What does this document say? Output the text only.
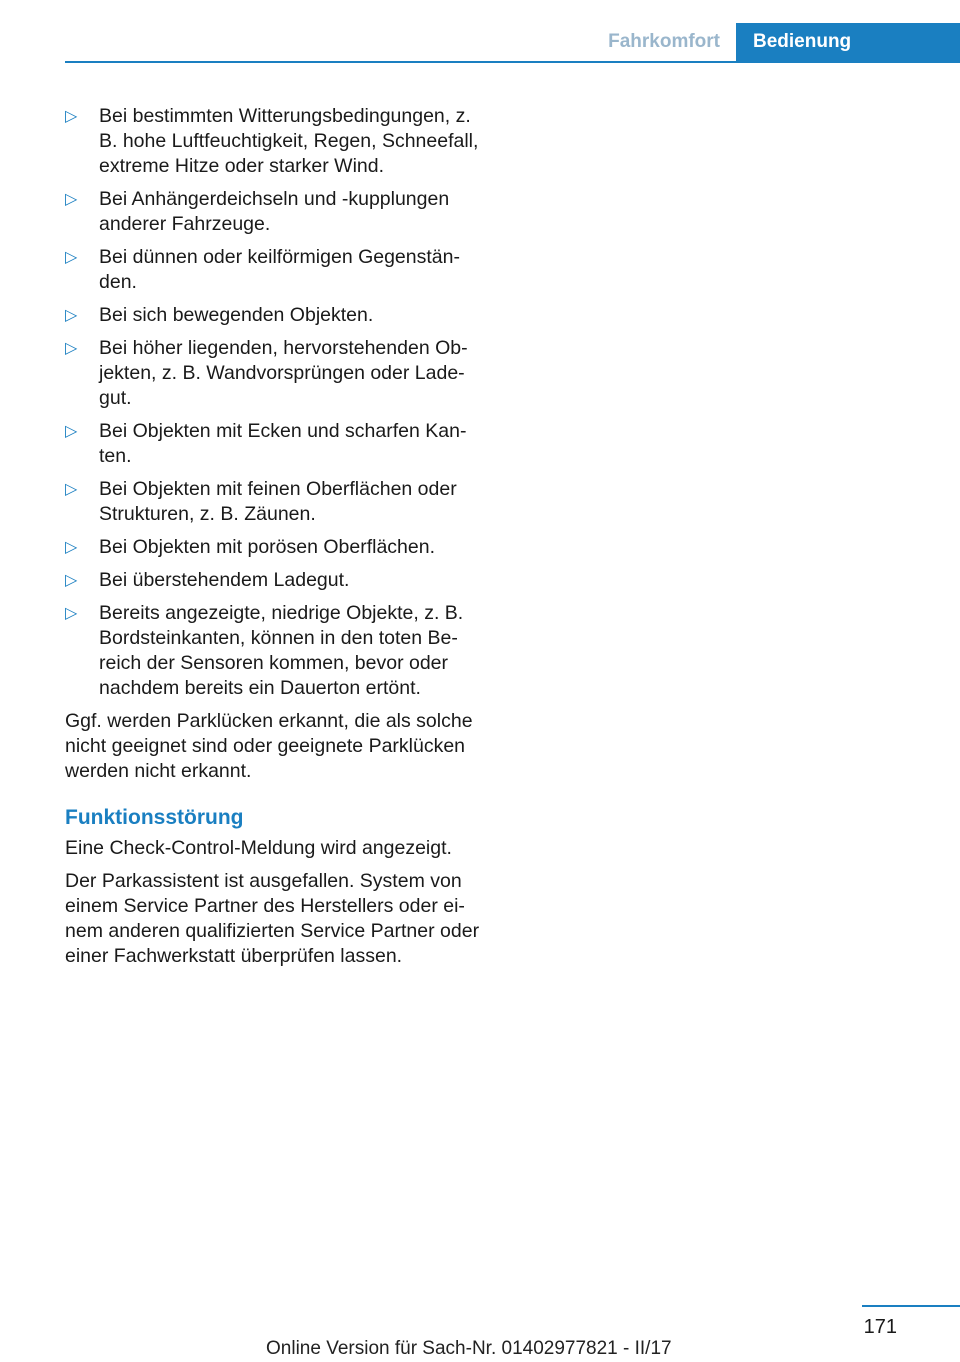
Fahrkomfort	Bedienung
▷ Bei bestimmten Witterungsbedingungen, z. B. hohe Luftfeuchtigkeit, Regen, Schneefall, extreme Hitze oder starker Wind.
▷ Bei Anhängerdeichseln und -kupplungen anderer Fahrzeuge.
▷ Bei dünnen oder keilförmigen Gegenstän‐den.
▷ Bei sich bewegenden Objekten.
▷ Bei höher liegenden, hervorstehenden Ob‐jekten, z. B. Wandvorsprüngen oder Lade‐gut.
▷ Bei Objekten mit Ecken und scharfen Kan‐ten.
▷ Bei Objekten mit feinen Oberflächen oder Strukturen, z. B. Zäunen.
▷ Bei Objekten mit porösen Oberflächen.
▷ Bei überstehendem Ladegut.
▷ Bereits angezeigte, niedrige Objekte, z. B. Bordsteinkanten, können in den toten Be‐reich der Sensoren kommen, bevor oder nachdem bereits ein Dauerton ertönt.

Ggf. werden Parklücken erkannt, die als solche nicht geeignet sind oder geeignete Parklücken werden nicht erkannt.

Funktionsstörung

Eine Check-Control-Meldung wird angezeigt.

Der Parkassistent ist ausgefallen. System von einem Service Partner des Herstellers oder ei‐nem anderen qualifizierten Service Partner oder einer Fachwerkstatt überprüfen lassen.

171
Online Version für Sach-Nr. 01402977821 - II/17
